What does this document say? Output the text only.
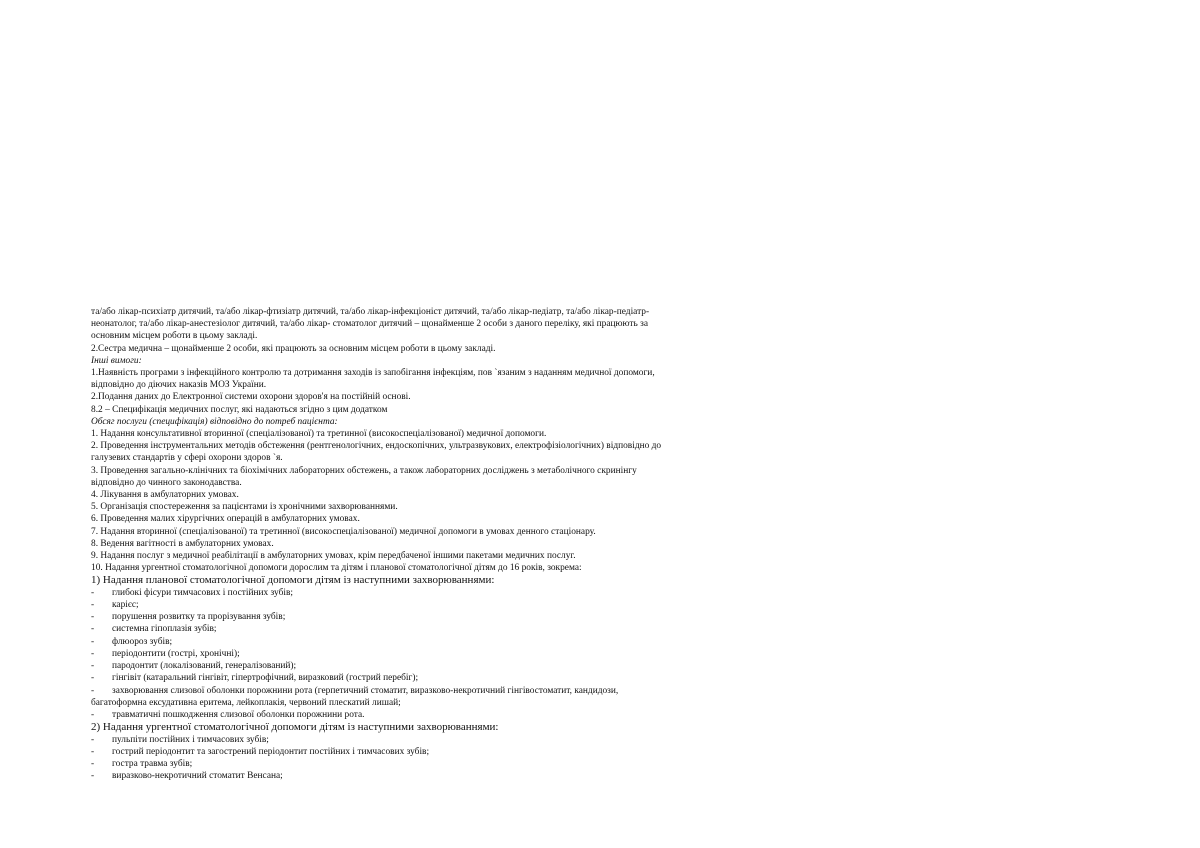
та/або лікар-психіатр дитячий, та/або лікар-фтизіатр дитячий, та/або лікар-інфекціоніст дитячий, та/або лікар-педіатр, та/або лікар-педіатр-
неонатолог, та/або лікар-анестезіолог дитячий, та/або лікар- стоматолог дитячий – щонайменше 2 особи з даного переліку, які працюють за
основним місцем роботи в цьому закладі.
2.Сестра медична – щонайменше 2 особи, які працюють за основним місцем роботи в цьому закладі.
Інші вимоги:
1.Наявність програми з інфекційного контролю та дотримання заходів із запобігання інфекціям, пов `язаним з наданням медичної допомоги,
відповідно до діючих наказів МОЗ України.
2.Подання даних до Електронної системи охорони здоров'я на постійній основі.
8.2 – Специфікація медичних послуг, які надаються згідно з цим додатком
Обсяг послуги (специфікація) відповідно до потреб пацієнта:
1. Надання консультативної вторинної (спеціалізованої) та третинної (високоспеціалізованої) медичної допомоги.
2. Проведення інструментальних методів обстеження (рентгенологічних, ендоскопічних, ультразвукових, електрофізіологічних) відповідно до
галузевих стандартів у сфері охорони здоров `я.
3. Проведення загально-клінічних та біохімічних лабораторних обстежень, а також лабораторних досліджень з метаболічного скринінгу
відповідно до чинного законодавства.
4. Лікування в амбулаторних умовах.
5. Організація спостереження за пацієнтами із хронічними захворюваннями.
6. Проведення малих хірургічних операцій в амбулаторних умовах.
7. Надання вторинної (спеціалізованої) та третинної (високоспеціалізованої) медичної допомоги в умовах денного стаціонару.
8. Ведення вагітності в амбулаторних умовах.
9. Надання послуг з медичної реабілітації в амбулаторних умовах, крім передбаченої іншими пакетами медичних послуг.
10. Надання ургентної стоматологічної допомоги дорослим та дітям і планової стоматологічної дітям до 16 років, зокрема:
1) Надання планової стоматологічної допомоги дітям із наступними захворюваннями:
-	глибокі фісури тимчасових і постійних зубів;
-	карієс;
-	порушення розвитку та прорізування зубів;
-	системна гіпоплазія зубів;
-	флюороз зубів;
-	періодонтити (гострі, хронічні);
-	пародонтит (локалізований, генералізований);
-	гінгівіт (катаральний гінгівіт, гіпертрофічний, виразковий (гострий перебіг);
-	захворювання слизової оболонки порожнини рота (герпетичний стоматит, виразково-некротичний гінгівостоматит, кандидози,
багатоформна ексудативна еритема, лейкоплакія, червоний плескатий лишай;
-	травматичні пошкодження слизової оболонки порожнини рота.
2) Надання ургентної стоматологічної допомоги дітям із наступними захворюваннями:
-	пульпіти постійних і тимчасових зубів;
-	гострий періодонтит та загострений періодонтит постійних і тимчасових зубів;
-	гостра травма зубів;
-	виразково-некротичний стоматит Венсана;
